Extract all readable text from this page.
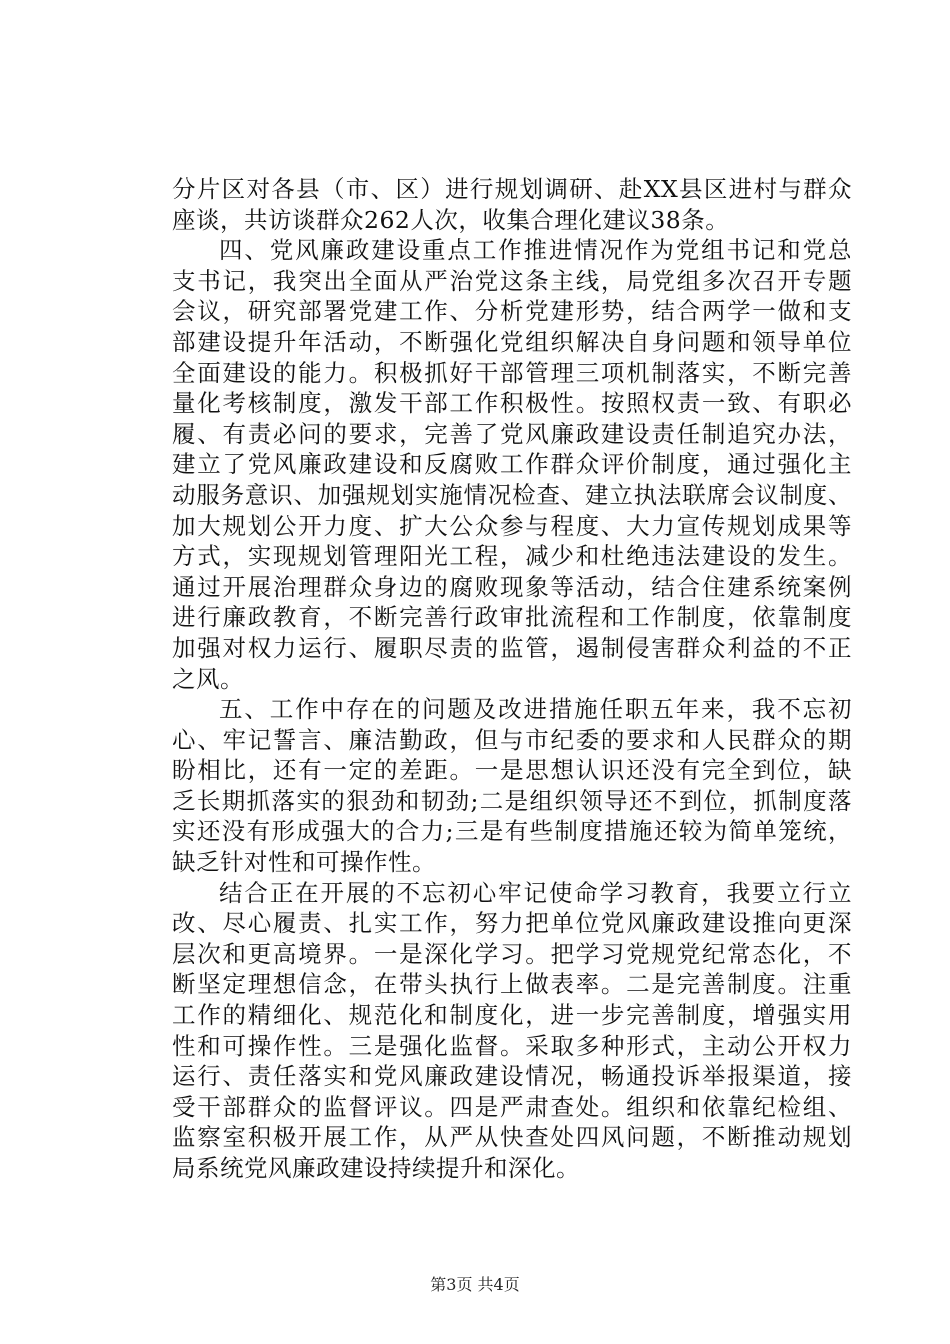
分片区对各县（市、区）进行规划调研、赴XX县区进村与群众
座谈，共访谈群众262人次，收集合理化建议38条。
四、党风廉政建设重点工作推进情况作为党组书记和党总
支书记，我突出全面从严治党这条主线，局党组多次召开专题
会议，研究部署党建工作、分析党建形势，结合两学一做和支
部建设提升年活动，不断强化党组织解决自身问题和领导单位
全面建设的能力。积极抓好干部管理三项机制落实，不断完善
量化考核制度，激发干部工作积极性。按照权责一致、有职必
履、有责必问的要求，完善了党风廉政建设责任制追究办法，
建立了党风廉政建设和反腐败工作群众评价制度，通过强化主
动服务意识、加强规划实施情况检查、建立执法联席会议制度、
加大规划公开力度、扩大公众参与程度、大力宣传规划成果等
方式，实现规划管理阳光工程，减少和杜绝违法建设的发生。
通过开展治理群众身边的腐败现象等活动，结合住建系统案例
进行廉政教育，不断完善行政审批流程和工作制度，依靠制度
加强对权力运行、履职尽责的监管，遏制侵害群众利益的不正
之风。
五、工作中存在的问题及改进措施任职五年来，我不忘初
心、牢记誓言、廉洁勤政，但与市纪委的要求和人民群众的期
盼相比，还有一定的差距。一是思想认识还没有完全到位，缺
乏长期抓落实的狠劲和韧劲;二是组织领导还不到位，抓制度落
实还没有形成强大的合力;三是有些制度措施还较为简单笼统，
缺乏针对性和可操作性。
结合正在开展的不忘初心牢记使命学习教育，我要立行立
改、尽心履责、扎实工作，努力把单位党风廉政建设推向更深
层次和更高境界。一是深化学习。把学习党规党纪常态化，不
断坚定理想信念，在带头执行上做表率。二是完善制度。注重
工作的精细化、规范化和制度化，进一步完善制度，增强实用
性和可操作性。三是强化监督。采取多种形式，主动公开权力
运行、责任落实和党风廉政建设情况，畅通投诉举报渠道，接
受干部群众的监督评议。四是严肃查处。组织和依靠纪检组、
监察室积极开展工作，从严从快查处四风问题，不断推动规划
局系统党风廉政建设持续提升和深化。
第3页 共4页
